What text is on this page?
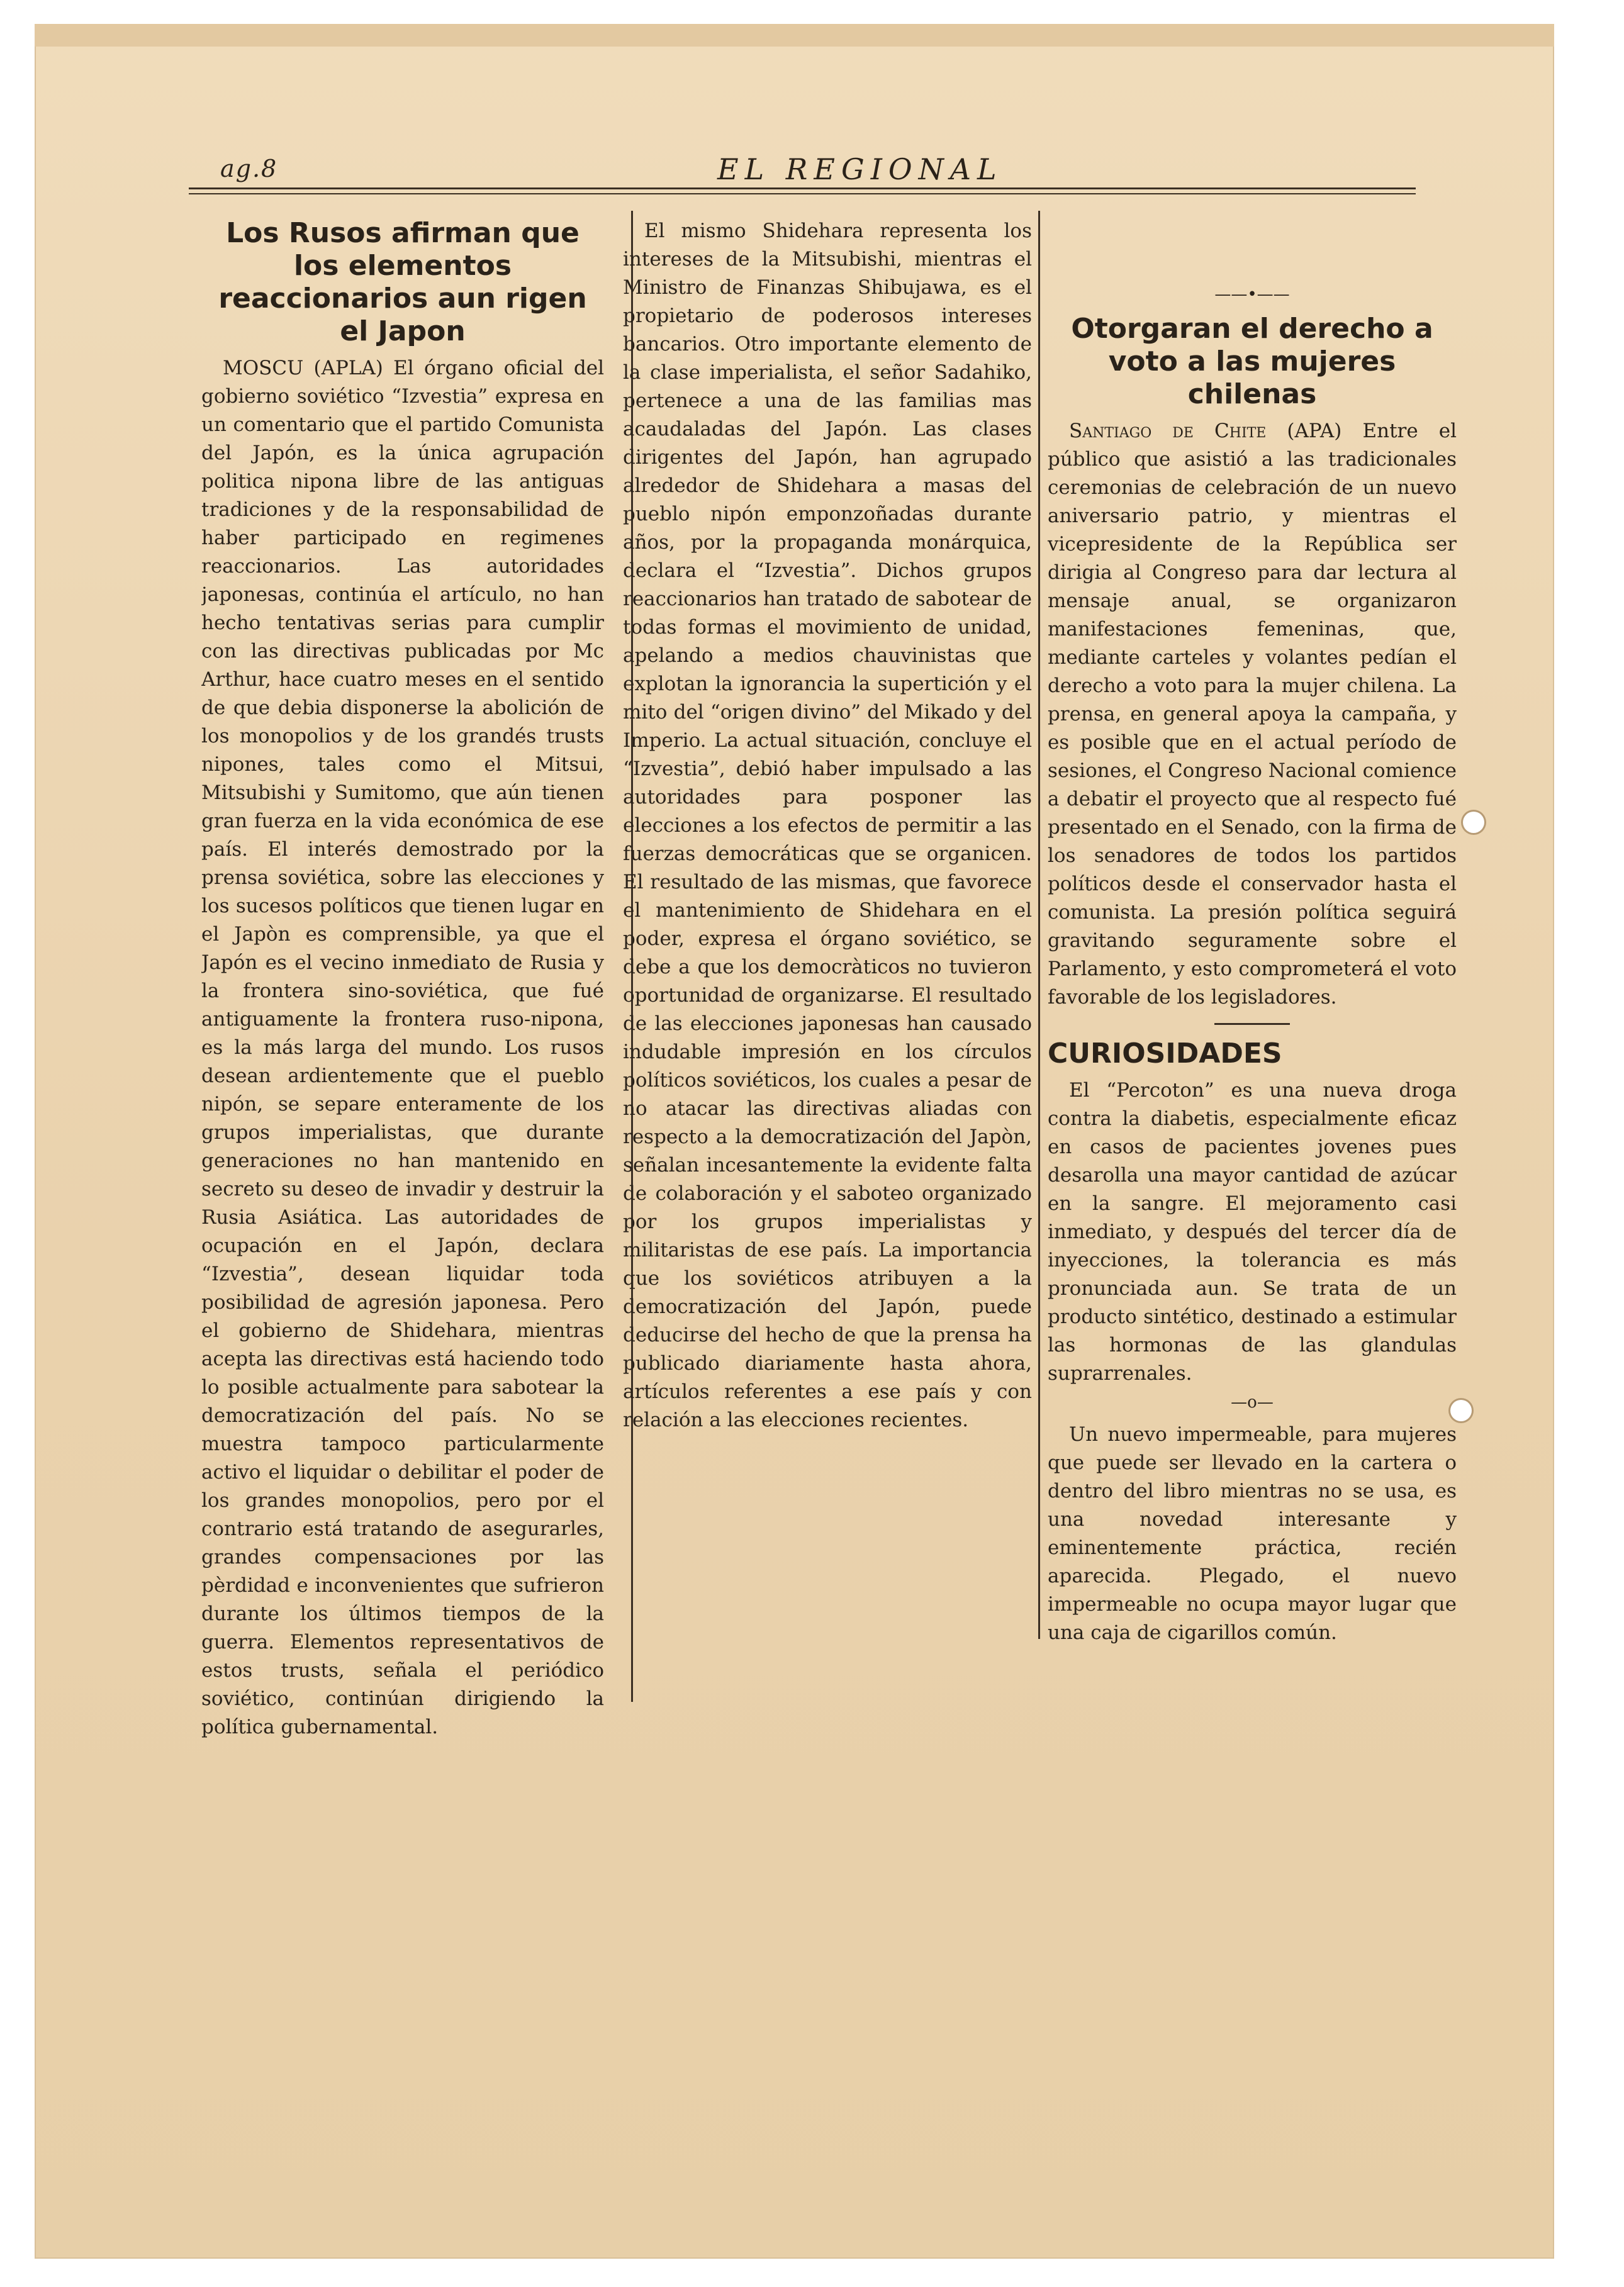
ag.8	EL REGIONAL
Los Rusos afirman que los elementos reaccionarios aun rigen el Japon

MOSCU (APLA) El órgano oficial del gobierno soviético “Izvestia” expresa en un comentario que el partido Comunista del Japón, es la única agrupación politica nipona libre de las antiguas tradiciones y de la responsabilidad de haber participado en regimenes reaccionarios. Las autoridades japonesas, continúa el artículo, no han hecho tentativas serias para cumplir con las directivas publicadas por Mc Arthur, hace cuatro meses en el sentido de que debia disponerse la abolición de los monopolios y de los grandés trusts nipones, tales como el Mitsui, Mitsubishi y Sumitomo, que aún tienen gran fuerza en la vida económica de ese país. El interés demostrado por la prensa soviética, sobre las elecciones y los sucesos políticos que tienen lugar en el Japòn es comprensible, ya que el Japón es el vecino inmediato de Rusia y la frontera sino-soviética, que fué antiguamente la frontera ruso-nipona, es la más larga del mundo. Los rusos desean ardientemente que el pueblo nipón, se separe enteramente de los grupos imperialistas, que durante generaciones no han mantenido en secreto su deseo de invadir y destruir la Rusia Asiática. Las autoridades de ocupación en el Japón, declara “Izvestia”, desean liquidar toda posibilidad de agresión japonesa. Pero el gobierno de Shidehara, mientras acepta las directivas está haciendo todo lo posible actualmente para sabotear la democratización del país. No se muestra tampoco particularmente activo el liquidar o debilitar el poder de los grandes monopolios, pero por el contrario está tratando de asegurarles, grandes compensaciones por las pèrdidad e inconvenientes que sufrieron durante los últimos tiempos de la guerra. Elementos representativos de estos trusts, señala el periódico soviético, continúan dirigiendo la política gubernamental.

El mismo Shidehara representa los intereses de la Mitsubishi, mientras el Ministro de Finanzas Shibujawa, es el propietario de poderosos intereses bancarios. Otro importante elemento de la clase imperialista, el señor Sadahiko, pertenece a una de las familias mas acaudaladas del Japón. Las clases dirigentes del Japón, han agrupado alrededor de Shidehara a masas del pueblo nipón emponzoñadas durante años, por la propaganda monárquica, declara el “Izvestia”. Dichos grupos reaccionarios han tratado de sabotear de todas formas el movimiento de unidad, apelando a medios chauvinistas que explotan la ignorancia la supertición y el mito del “origen divino” del Mikado y del Imperio. La actual situación, concluye el “Izvestia”, debió haber impulsado a las autoridades para posponer las elecciones a los efectos de permitir a las fuerzas democráticas que se organicen. El resultado de las mismas, que favorece el mantenimiento de Shidehara en el poder, expresa el órgano soviético, se debe a que los democràticos no tuvieron oportunidad de organizarse. El resultado de las elecciones japonesas han causado indudable impresión en los círculos políticos soviéticos, los cuales a pesar de no atacar las directivas aliadas con respecto a la democratización del Japòn, señalan incesantemente la evidente falta de colaboración y el saboteo organizado por los grupos imperialistas y militaristas de ese país. La importancia que los soviéticos atribuyen a la democratización del Japón, puede deducirse del hecho de que la prensa ha publicado diariamente hasta ahora, artículos referentes a ese país y con relación a las elecciones recientes.

——•——
Otorgaran el derecho a voto a las mujeres chilenas

Santiago de Chite (APA) Entre el público que asistió a las tradicionales ceremonias de celebración de un nuevo aniversario patrio, y mientras el vicepresidente de la República ser dirigia al Congreso para dar lectura al mensaje anual, se organizaron manifestaciones femeninas, que, mediante carteles y volantes pedían el derecho a voto para la mujer chilena. La prensa, en general apoya la campaña, y es posible que en el actual período de sesiones, el Congreso Nacional comience a debatir el proyecto que al respecto fué presentado en el Senado, con la firma de los senadores de todos los partidos políticos desde el conservador hasta el comunista. La presión política seguirá gravitando seguramente sobre el Parlamento, y esto comprometerá el voto favorable de los legisladores.

CURIOSIDADES

El “Percoton” es una nueva droga contra la diabetis, especialmente eficaz en casos de pacientes jovenes pues desarolla una mayor cantidad de azúcar en la sangre. El mejoramento casi inmediato, y después del tercer día de inyecciones, la tolerancia es más pronunciada aun. Se trata de un producto sintético, destinado a estimular las hormonas de las glandulas suprarrenales.

—o—

Un nuevo impermeable, para mujeres que puede ser llevado en la cartera o dentro del libro mientras no se usa, es una novedad interesante y eminentemente práctica, recién aparecida. Plegado, el nuevo impermeable no ocupa mayor lugar que una caja de cigarillos común.
